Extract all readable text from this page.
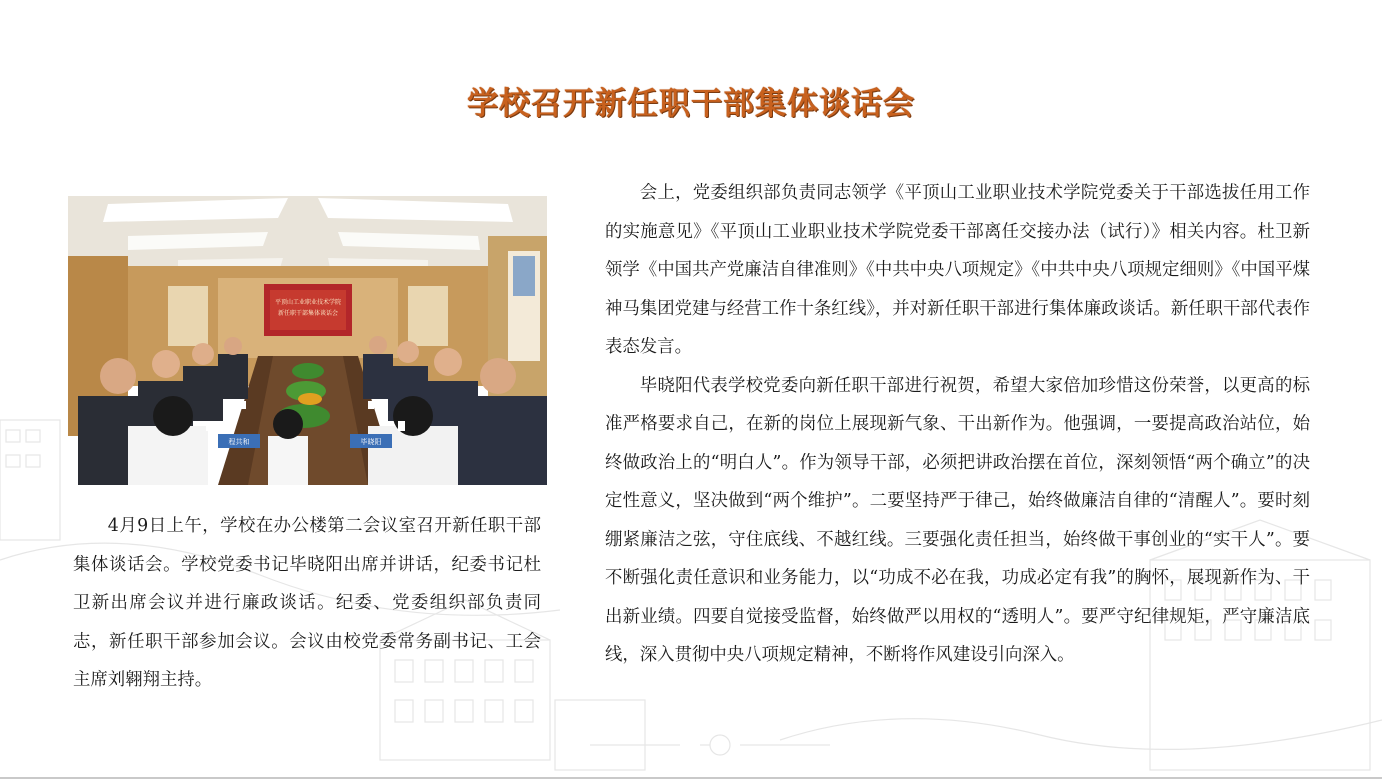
学校召开新任职干部集体谈话会
平顶山工业职业技术学院
新任职干部集体谈话会
程共和	毕晓阳

4月9日上午，学校在办公楼第二会议室召开新任职干部集体谈话会。学校党委书记毕晓阳出席并讲话，纪委书记杜卫新出席会议并进行廉政谈话。纪委、党委组织部负责同志，新任职干部参加会议。会议由校党委常务副书记、工会主席刘翱翔主持。

会上，党委组织部负责同志领学《平顶山工业职业技术学院党委关于干部选拔任用工作的实施意见》《平顶山工业职业技术学院党委干部离任交接办法（试行）》相关内容。杜卫新领学《中国共产党廉洁自律准则》《中共中央八项规定》《中共中央八项规定细则》《中国平煤神马集团党建与经营工作十条红线》，并对新任职干部进行集体廉政谈话。新任职干部代表作表态发言。

毕晓阳代表学校党委向新任职干部进行祝贺，希望大家倍加珍惜这份荣誉，以更高的标准严格要求自己，在新的岗位上展现新气象、干出新作为。他强调，一要提高政治站位，始终做政治上的“明白人”。作为领导干部，必须把讲政治摆在首位，深刻领悟“两个确立”的决定性意义，坚决做到“两个维护”。二要坚持严于律己，始终做廉洁自律的“清醒人”。要时刻绷紧廉洁之弦，守住底线、不越红线。三要强化责任担当，始终做干事创业的“实干人”。要不断强化责任意识和业务能力，以“功成不必在我，功成必定有我”的胸怀，展现新作为、干出新业绩。四要自觉接受监督，始终做严以用权的“透明人”。要严守纪律规矩，严守廉洁底线，深入贯彻中央八项规定精神，不断将作风建设引向深入。
